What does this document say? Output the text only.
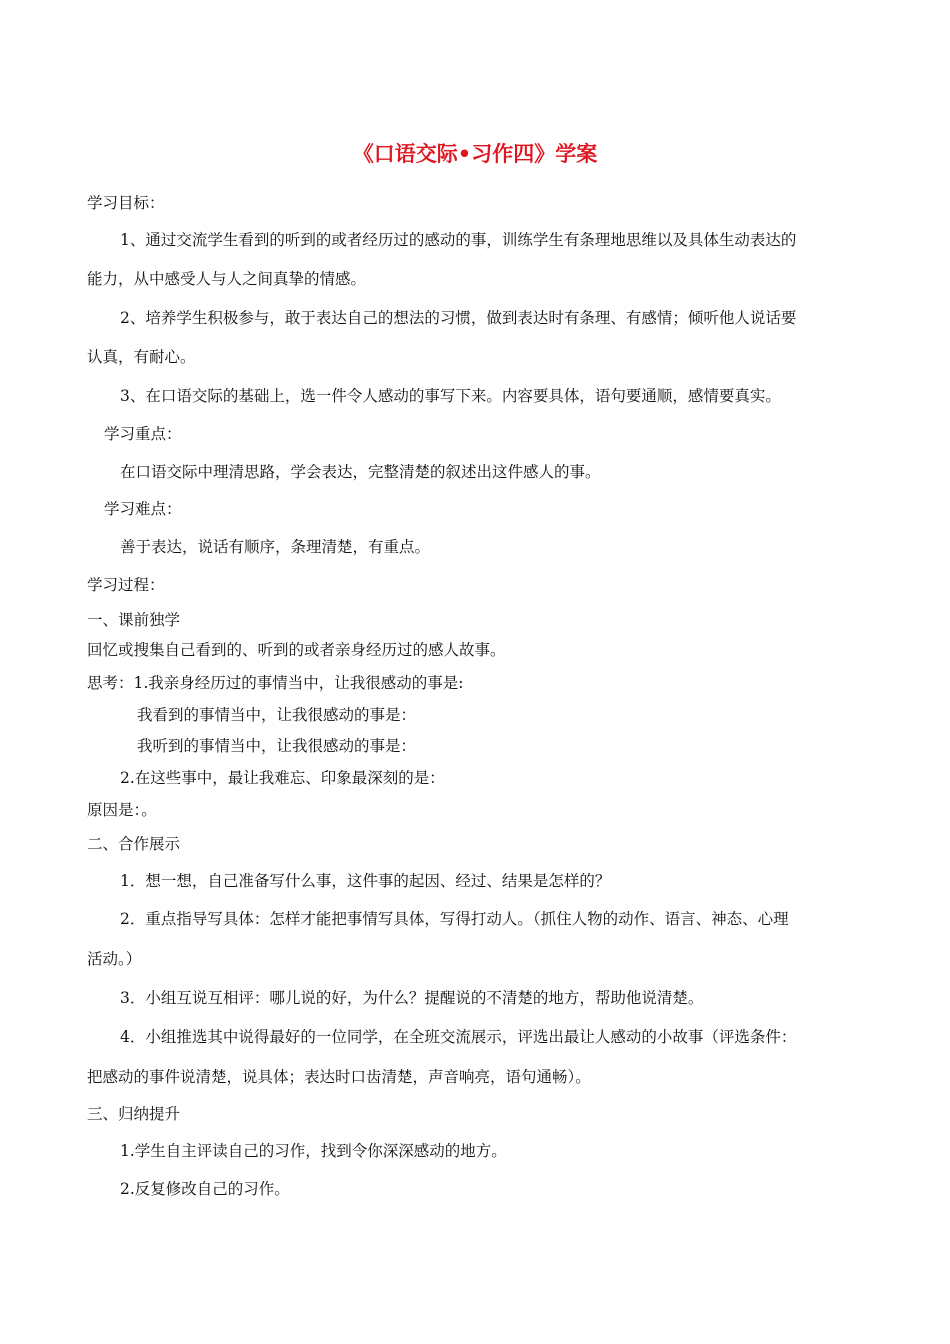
《口语交际•习作四》学案
学习目标：
1、通过交流学生看到的听到的或者经历过的感动的事，训练学生有条理地思维以及具体生动表达的
能力，从中感受人与人之间真挚的情感。
2、培养学生积极参与，敢于表达自己的想法的习惯，做到表达时有条理、有感情；倾听他人说话要
认真，有耐心。
3、在口语交际的基础上，选一件令人感动的事写下来。内容要具体，语句要通顺，感情要真实。
学习重点：
在口语交际中理清思路，学会表达，完整清楚的叙述出这件感人的事。
学习难点：
善于表达，说话有顺序，条理清楚，有重点。
学习过程：
一、课前独学
回忆或搜集自己看到的、听到的或者亲身经历过的感人故事。
思考：1.我亲身经历过的事情当中，让我很感动的事是:
我看到的事情当中，让我很感动的事是：
我听到的事情当中，让我很感动的事是：
2.在这些事中，最让我难忘、印象最深刻的是：
原因是：。
二、合作展示
1．想一想，自己准备写什么事，这件事的起因、经过、结果是怎样的？
2．重点指导写具体：怎样才能把事情写具体，写得打动人。（抓住人物的动作、语言、神态、心理
活动。）
3．小组互说互相评：哪儿说的好，为什么？提醒说的不清楚的地方，帮助他说清楚。
4．小组推选其中说得最好的一位同学，在全班交流展示，评选出最让人感动的小故事（评选条件：
把感动的事件说清楚，说具体；表达时口齿清楚，声音响亮，语句通畅）。
三、归纳提升
1.学生自主评读自己的习作，找到令你深深感动的地方。
2.反复修改自己的习作。
